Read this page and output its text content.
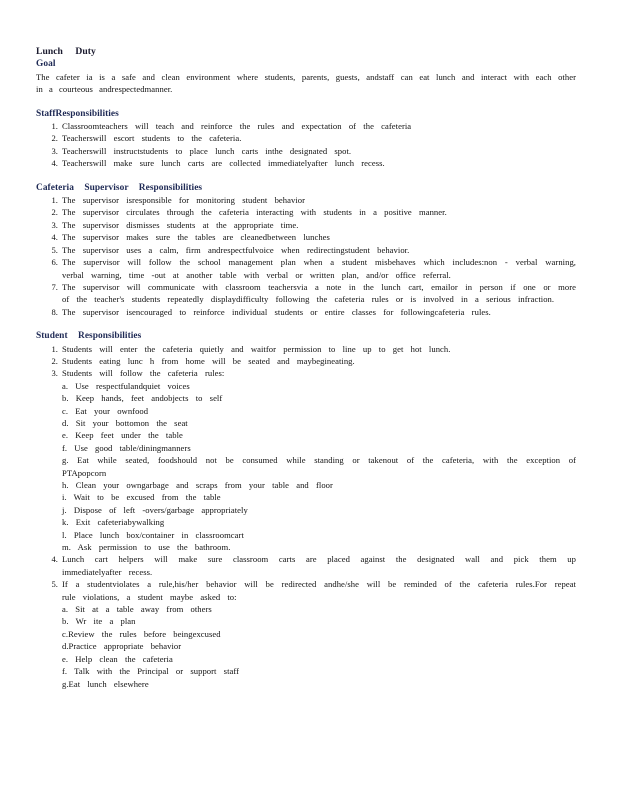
Lunch Duty
Goal
The cafeter ia is a safe and clean environment where students, parents, guests, andstaff can eat lunch and interact with each other in a courteous andrespectedmanner.
StaffResponsibilities
1. Classroomteachers will teach and reinforce the rules and expectation of the cafeteria
2. Teacherswill escort students to the cafeteria.
3. Teacherswill instructstudents to place lunch carts inthe designated spot.
4. Teacherswill make sure lunch carts are collected immediatelyafter lunch recess.
Cafeteria Supervisor Responsibilities
1. The supervisor isresponsible for monitoring student behavior
2. The supervisor circulates through the cafeteria interacting with students in a positive manner.
3. The supervisor dismisses students at the appropriate time.
4. The supervisor makes sure the tables are cleanedbetween lunches
5. The supervisor uses a calm, firm andrespectfulvoice when redirectingstudent behavior.
6. The supervisor will follow the school management plan when a student misbehaves which includes:non - verbal warning, verbal warning, time -out at another table with verbal or written plan, and/or office referral.
7. The supervisor will communicate with classroom teachersvia a note in the lunch cart, emailor in person if one or more of the teacher's students repeatedly displaydifficulty following the cafeteria rules or is involved in a serious infraction.
8. The supervisor isencouraged to reinforce individual students or entire classes for followingcafeteria rules.
Student Responsibilities
1. Students will enter the cafeteria quietly and waitfor permission to line up to get hot lunch.
2. Students eating lunc h from home will be seated and maybegineating.
3. Students will follow the cafeteria rules:
a. Use respectfulandquiet voices
b. Keep hands, feet andobjects to self
c. Eat your ownfood
d. Sit your bottomon the seat
e. Keep feet under the table
f. Use good table/diningmanners
g. Eat while seated, foodshould not be consumed while standing or takenout of the cafeteria, with the exception of PTApopcorn
h. Clean your owngarbage and scraps from your table and floor
i. Wait to be excused from the table
j. Dispose of left -overs/garbage appropriately
k. Exit cafeteriabywalking
l. Place lunch box/container in classroomcart
m. Ask permission to use the bathroom.
4. Lunch cart helpers will make sure classroom carts are placed against the designated wall and pick them up immediatelyafter recess.
5. If a studentviolates a rule,his/her behavior will be redirected andhe/she will be reminded of the cafeteria rules.For repeat rule violations, a student maybe asked to:
a. Sit at a table away from others
b. Wr ite a plan
c.Review the rules before beingexcused
d.Practice appropriate behavior
e. Help clean the cafeteria
f. Talk with the Principal or support staff
g.Eat lunch elsewhere
